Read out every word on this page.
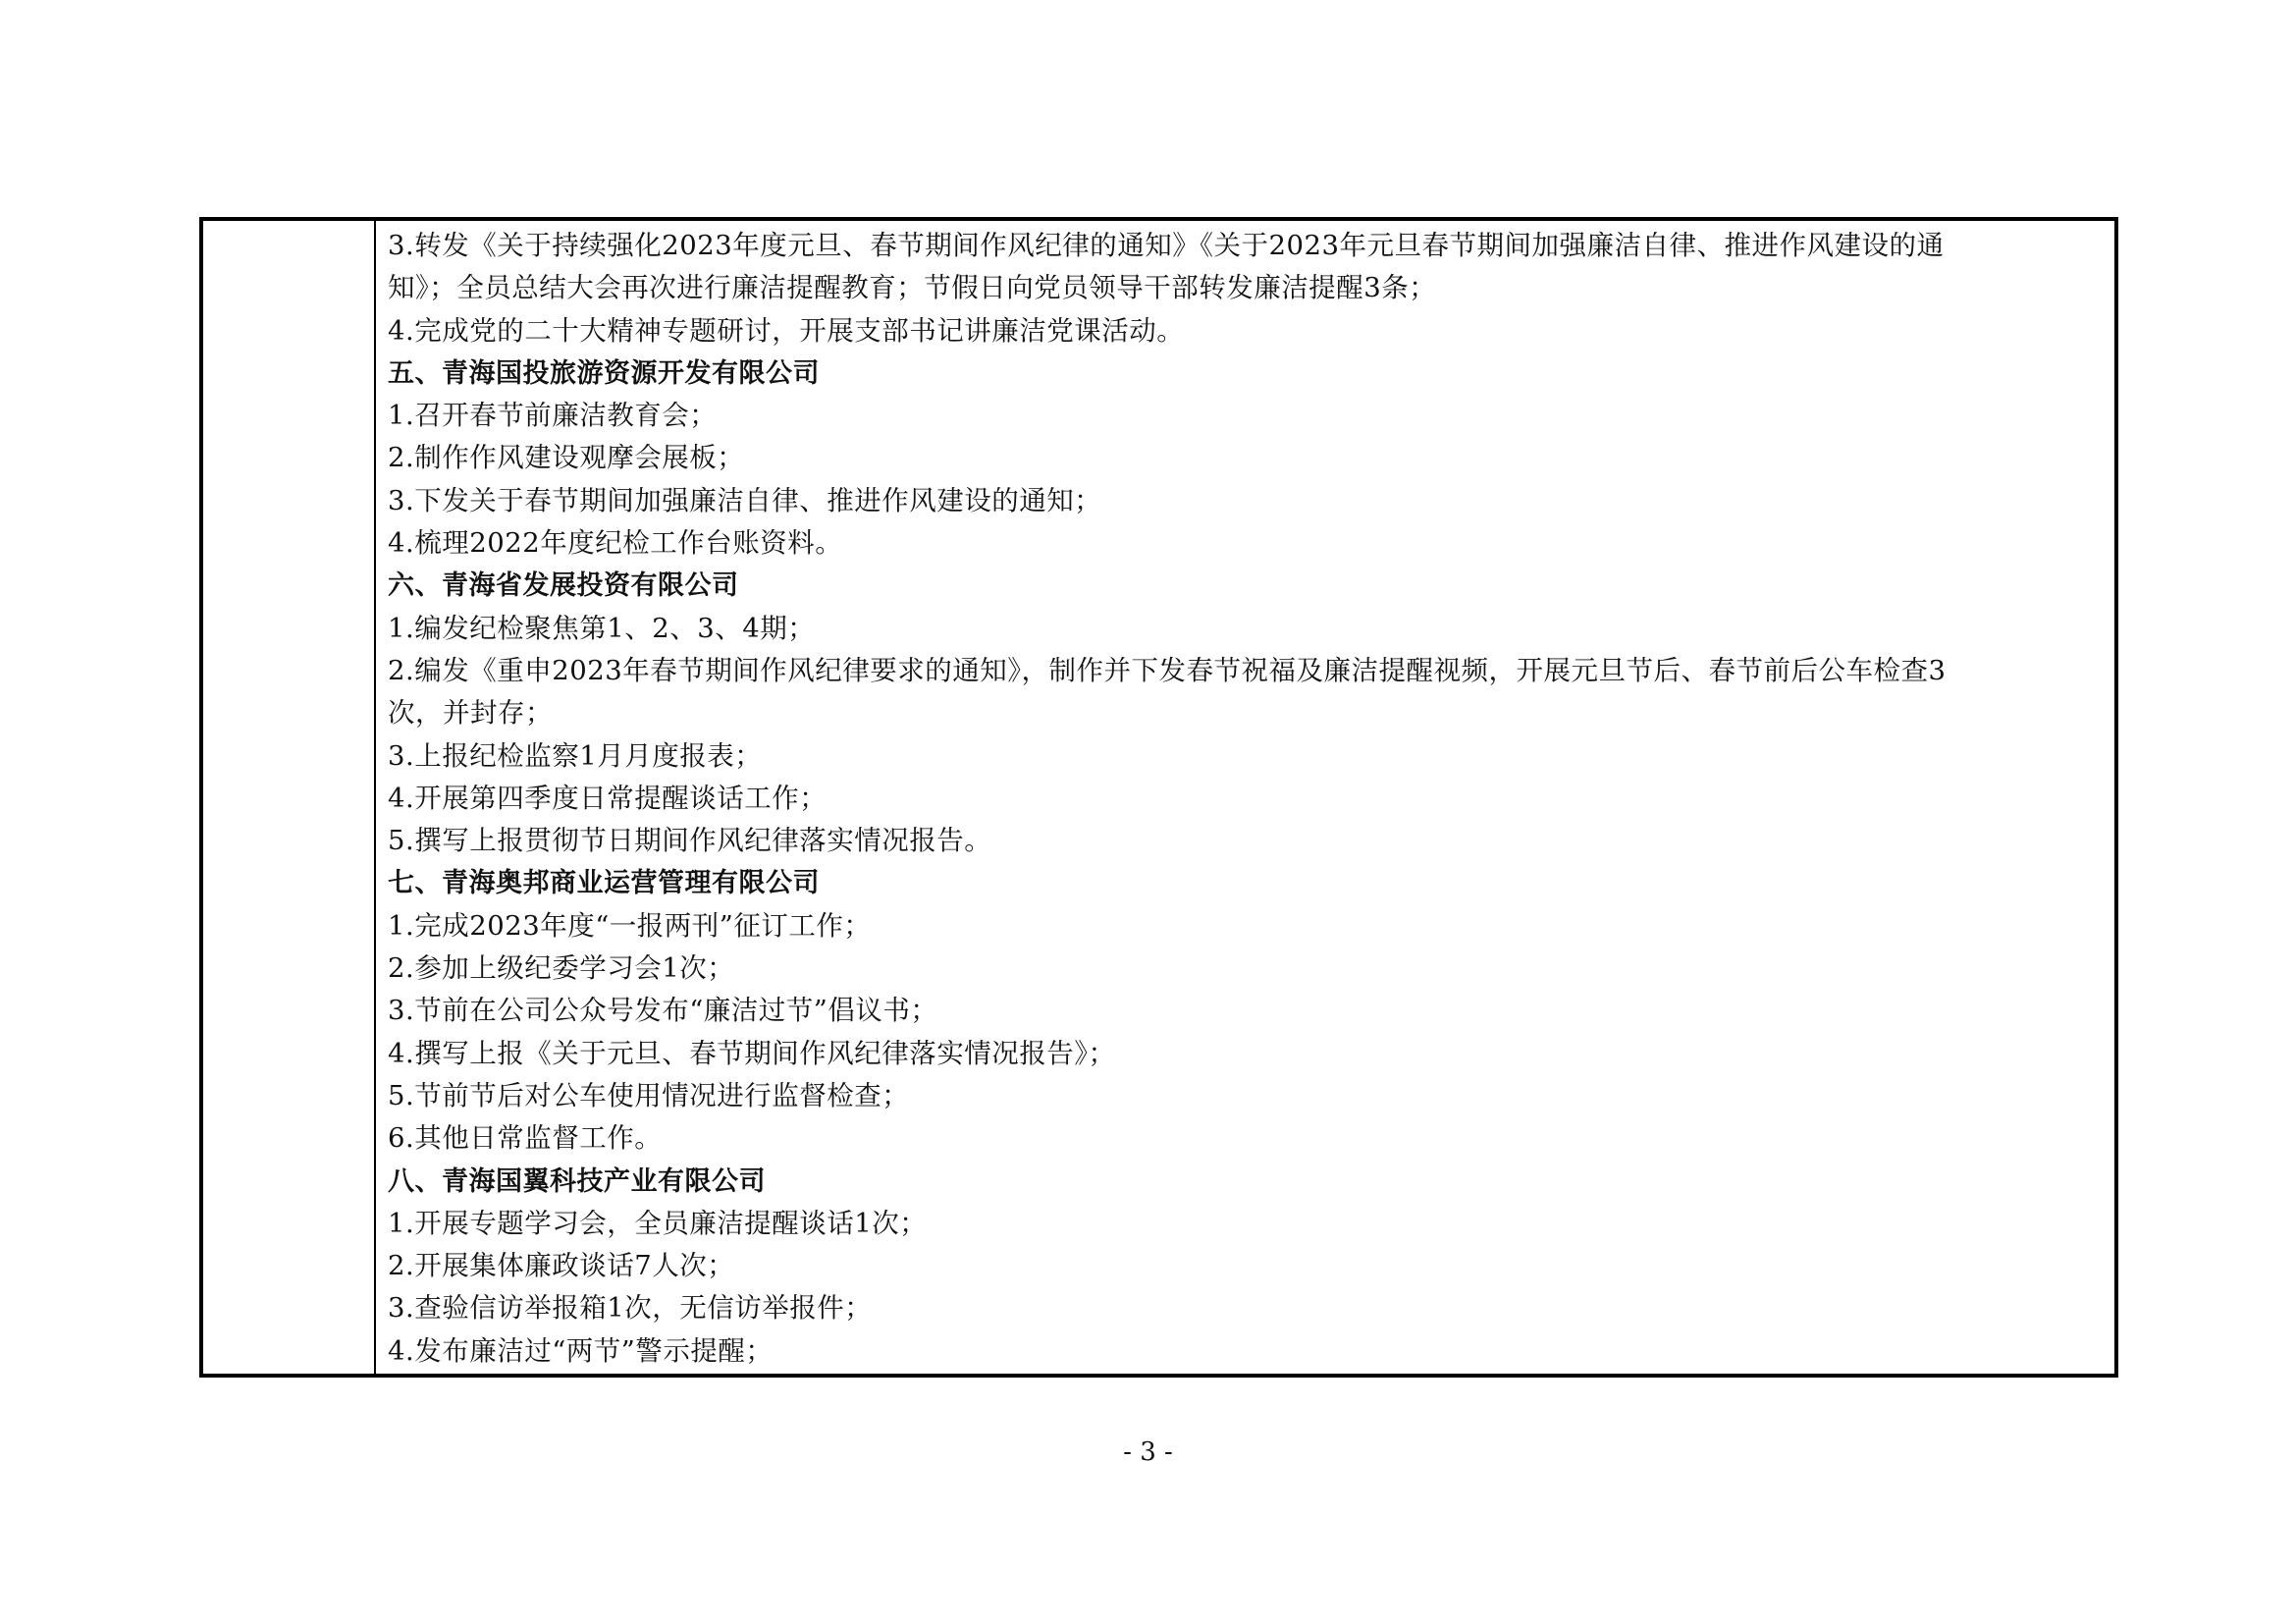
3.转发《关于持续强化2023年度元旦、春节期间作风纪律的通知》《关于2023年元旦春节期间加强廉洁自律、推进作风建设的通
知》；全员总结大会再次进行廉洁提醒教育；节假日向党员领导干部转发廉洁提醒3条；
4.完成党的二十大精神专题研讨，开展支部书记讲廉洁党课活动。
五、青海国投旅游资源开发有限公司
1.召开春节前廉洁教育会；
2.制作作风建设观摩会展板；
3.下发关于春节期间加强廉洁自律、推进作风建设的通知；
4.梳理2022年度纪检工作台账资料。
六、青海省发展投资有限公司
1.编发纪检聚焦第1、2、3、4期；
2.编发《重申2023年春节期间作风纪律要求的通知》，制作并下发春节祝福及廉洁提醒视频，开展元旦节后、春节前后公车检查3
次，并封存；
3.上报纪检监察1月月度报表；
4.开展第四季度日常提醒谈话工作；
5.撰写上报贯彻节日期间作风纪律落实情况报告。
七、青海奥邦商业运营管理有限公司
1.完成2023年度“一报两刊”征订工作；
2.参加上级纪委学习会1次；
3.节前在公司公众号发布“廉洁过节”倡议书；
4.撰写上报《关于元旦、春节期间作风纪律落实情况报告》；
5.节前节后对公车使用情况进行监督检查；
6.其他日常监督工作。
八、青海国翼科技产业有限公司
1.开展专题学习会，全员廉洁提醒谈话1次；
2.开展集体廉政谈话7人次；
3.查验信访举报箱1次，无信访举报件；
4.发布廉洁过“两节”警示提醒；
- 3 -
